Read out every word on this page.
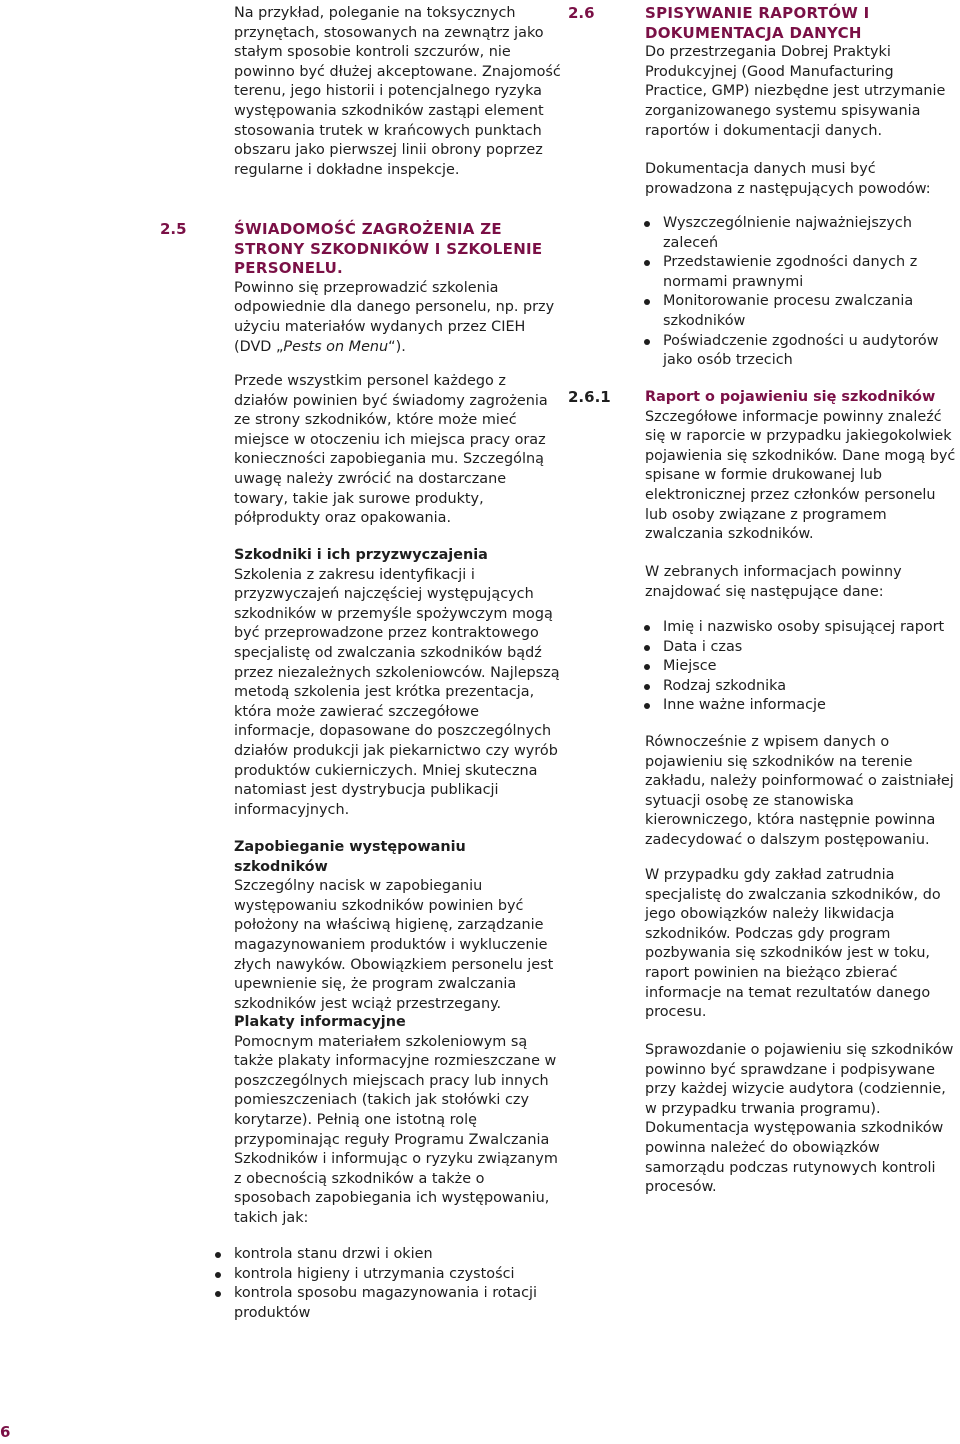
Na przykład, poleganie na toksycznych przynętach, stosowanych na zewnątrz jako stałym sposobie kontroli szczurów, nie powinno być dłużej akceptowane. Znajomość terenu, jego historii i potencjalnego ryzyka występowania szkodników zastąpi element stosowania trutek w krańcowych punktach obszaru jako pierwszej linii obrony poprzez regularne i dokładne inspekcje.

2.5	ŚWIADOMOŚĆ ZAGROŻENIA ZE STRONY SZKODNIKÓW I SZKOLENIE PERSONELU.

Powinno się przeprowadzić szkolenia odpowiednie dla danego personelu, np. przy użyciu materiałów wydanych przez CIEH (DVD „Pests on Menu“).

Przede wszystkim personel każdego z działów powinien być świadomy zagrożenia ze strony szkodników, które może mieć miejsce w otoczeniu ich miejsca pracy oraz konieczności zapobiegania mu. Szczególną uwagę należy zwrócić na dostarczane towary, takie jak surowe produkty, półprodukty oraz opakowania.

Szkodniki i ich przyzwyczajenia

Szkolenia z zakresu identyfikacji i przyzwyczajeń najczęściej występujących szkodników w przemyśle spożywczym mogą być przeprowadzone przez kontraktowego specjalistę od zwalczania szkodników bądź przez niezależnych szkoleniowców. Najlepszą metodą szkolenia jest krótka prezentacja, która może zawierać szczegółowe informacje, dopasowane do poszczególnych działów produkcji jak piekarnictwo czy wyrób produktów cukierniczych. Mniej skuteczna natomiast jest dystrybucja publikacji informacyjnych.

Zapobieganie występowaniu szkodników

Szczególny nacisk w zapobieganiu występowaniu szkodników powinien być położony na właściwą higienę, zarządzanie magazynowaniem produktów i wykluczenie złych nawyków. Obowiązkiem personelu jest upewnienie się, że program zwalczania szkodników jest wciąż przestrzegany.

Plakaty informacyjne

Pomocnym materiałem szkoleniowym są także plakaty informacyjne rozmieszczane w poszczególnych miejscach pracy lub innych pomieszczeniach (takich jak stołówki czy korytarze). Pełnią one istotną rolę przypominając reguły Programu Zwalczania Szkodników i informując o ryzyku związanym z obecnością szkodników a także o sposobach zapobiegania ich występowaniu, takich jak:

kontrola stanu drzwi i okien
kontrola higieny i utrzymania czystości
kontrola sposobu magazynowania i rotacji produktów
2.6	SPISYWANIE RAPORTÓW I DOKUMENTACJA DANYCH

Do przestrzegania Dobrej Praktyki Produkcyjnej (Good Manufacturing Practice, GMP) niezbędne jest utrzymanie zorganizowanego systemu spisywania raportów i dokumentacji danych.

Dokumentacja danych musi być prowadzona z następujących powodów:

Wyszczególnienie najważniejszych zaleceń
Przedstawienie zgodności danych z normami prawnymi
Monitorowanie procesu zwalczania szkodników
Poświadczenie zgodności u audytorów jako osób trzecich
2.6.1 Raport o pojawieniu się szkodników

Szczegółowe informacje powinny znaleźć się w raporcie w przypadku jakiegokolwiek pojawienia się szkodników. Dane mogą być spisane w formie drukowanej lub elektronicznej przez członków personelu lub osoby związane z programem zwalczania szkodników.

W zebranych informacjach powinny znajdować się następujące dane:

Imię i nazwisko osoby spisującej raport
Data i czas
Miejsce
Rodzaj szkodnika
Inne ważne informacje

Równocześnie z wpisem danych o pojawieniu się szkodników na terenie zakładu, należy poinformować o zaistniałej sytuacji osobę ze stanowiska kierowniczego, która następnie powinna zadecydować o dalszym postępowaniu.

W przypadku gdy zakład zatrudnia specjalistę do zwalczania szkodników, do jego obowiązków należy likwidacja szkodników. Podczas gdy program pozbywania się szkodników jest w toku, raport powinien na bieżąco zbierać informacje na temat rezultatów danego procesu.

Sprawozdanie o pojawieniu się szkodników powinno być sprawdzane i podpisywane przy każdej wizycie audytora (codziennie, w przypadku trwania programu). Dokumentacja występowania szkodników powinna należeć do obowiązków samorządu podczas rutynowych kontroli procesów.

6
